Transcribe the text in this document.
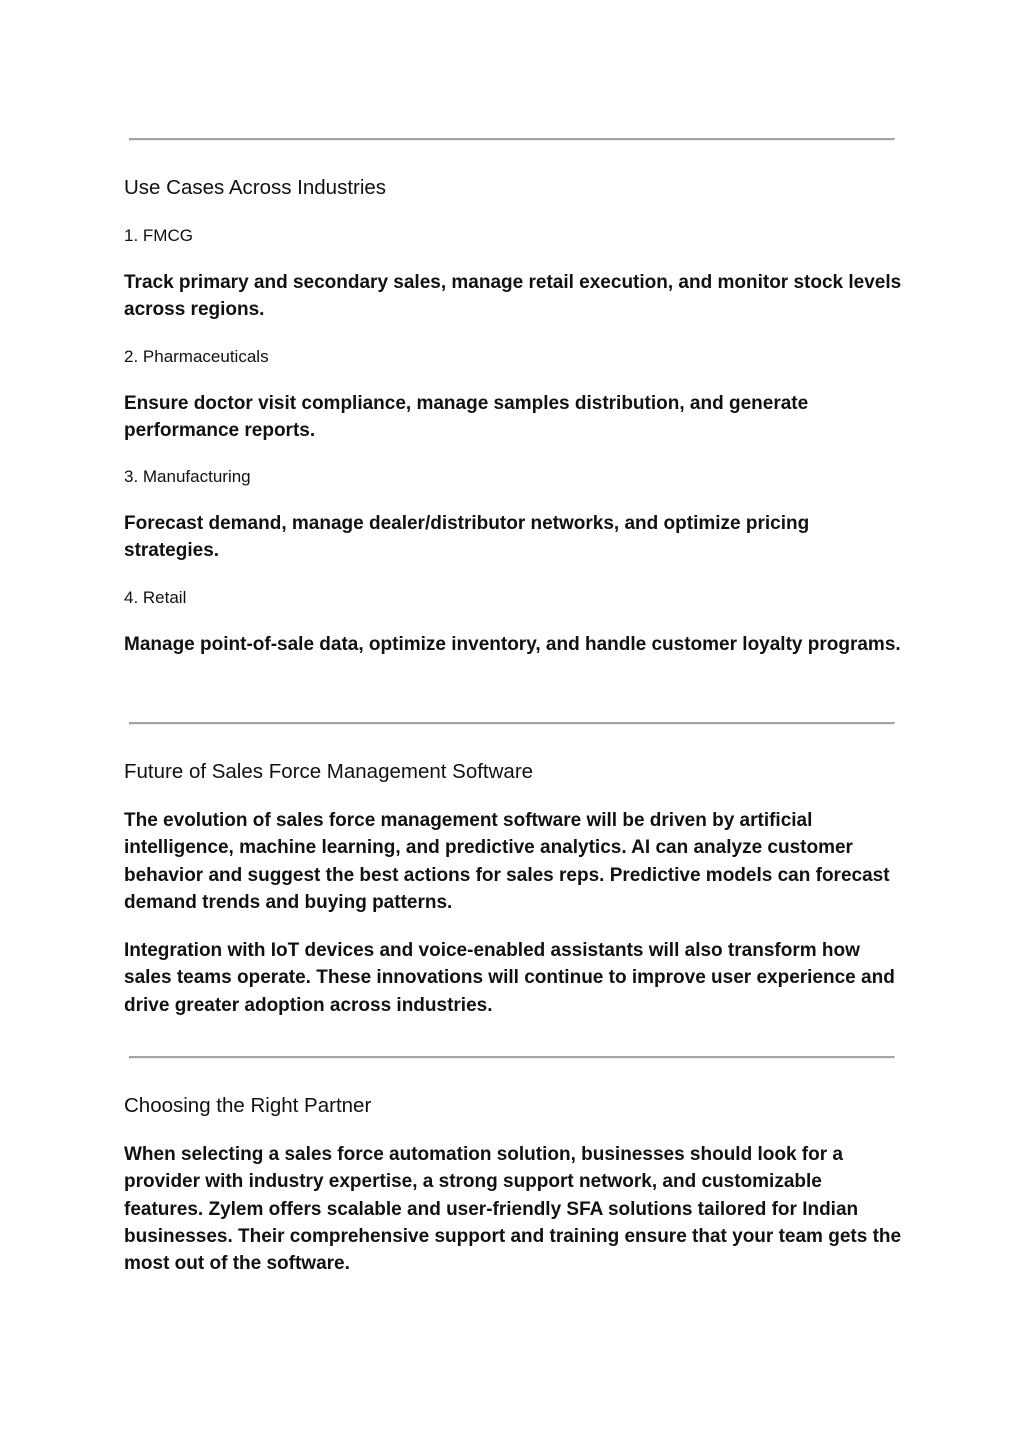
Use Cases Across Industries
1. FMCG

Track primary and secondary sales, manage retail execution, and monitor stock levels across regions.

2. Pharmaceuticals

Ensure doctor visit compliance, manage samples distribution, and generate performance reports.

3. Manufacturing

Forecast demand, manage dealer/distributor networks, and optimize pricing strategies.

4. Retail

Manage point-of-sale data, optimize inventory, and handle customer loyalty programs.

Future of Sales Force Management Software

The evolution of sales force management software will be driven by artificial intelligence, machine learning, and predictive analytics. AI can analyze customer behavior and suggest the best actions for sales reps. Predictive models can forecast demand trends and buying patterns.

Integration with IoT devices and voice-enabled assistants will also transform how sales teams operate. These innovations will continue to improve user experience and drive greater adoption across industries.

Choosing the Right Partner

When selecting a sales force automation solution, businesses should look for a provider with industry expertise, a strong support network, and customizable features. Zylem offers scalable and user-friendly SFA solutions tailored for Indian businesses. Their comprehensive support and training ensure that your team gets the most out of the software.
